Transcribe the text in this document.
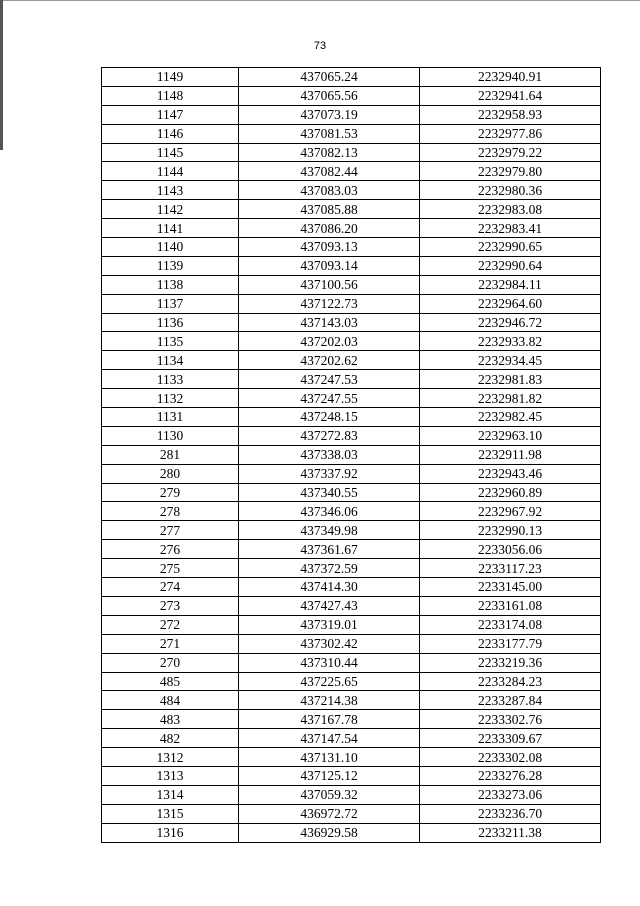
73
1149	437065.24	2232940.91
1148	437065.56	2232941.64
1147	437073.19	2232958.93
1146	437081.53	2232977.86
1145	437082.13	2232979.22
1144	437082.44	2232979.80
1143	437083.03	2232980.36
1142	437085.88	2232983.08
1141	437086.20	2232983.41
1140	437093.13	2232990.65
1139	437093.14	2232990.64
1138	437100.56	2232984.11
1137	437122.73	2232964.60
1136	437143.03	2232946.72
1135	437202.03	2232933.82
1134	437202.62	2232934.45
1133	437247.53	2232981.83
1132	437247.55	2232981.82
1131	437248.15	2232982.45
1130	437272.83	2232963.10
281	437338.03	2232911.98
280	437337.92	2232943.46
279	437340.55	2232960.89
278	437346.06	2232967.92
277	437349.98	2232990.13
276	437361.67	2233056.06
275	437372.59	2233117.23
274	437414.30	2233145.00
273	437427.43	2233161.08
272	437319.01	2233174.08
271	437302.42	2233177.79
270	437310.44	2233219.36
485	437225.65	2233284.23
484	437214.38	2233287.84
483	437167.78	2233302.76
482	437147.54	2233309.67
1312	437131.10	2233302.08
1313	437125.12	2233276.28
1314	437059.32	2233273.06
1315	436972.72	2233236.70
1316	436929.58	2233211.38
